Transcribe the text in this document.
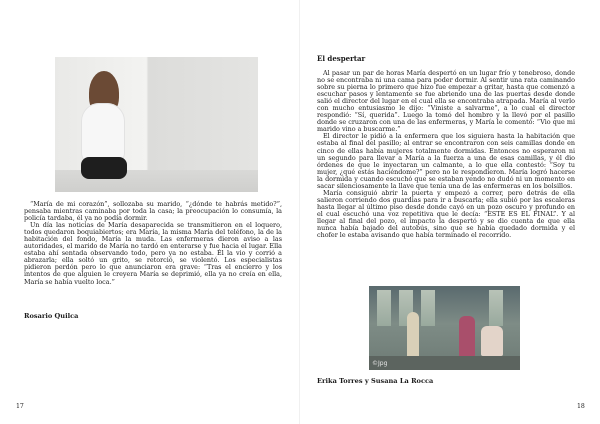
“María de mi corazón”, sollozaba su marido, “¿dónde te habrás metido?”, pensaba mientras caminaba por toda la casa; la preocupación lo consumía, la policía tardaba, él ya no podía dormir.

Un día las noticias de María desaparecida se transmitieron en el loquero, todos quedaron boquiabiertos; era María, la misma María del teléfono, la de la habitación del fondo, María la muda. Las enfermeras dieron aviso a las autoridades, el marido de María no tardó en enterarse y fue hacia el lugar. Ella estaba ahí sentada observando todo, pero ya no estaba. Él la vio y corrió a abrazarla; ella soltó un grito, se retorció, se violentó. Los especialistas pidieron perdón pero lo que anunciaron era grave: “Tras el encierro y los intentos de que alguien le creyera María se deprimió, ella ya no creía en ella, María se había vuelto loca.”

Rosario Quilca

17
El despertar

Al pasar un par de horas María despertó en un lugar frío y tenebroso, donde no se encontraba ni una cama para poder dormir. Al sentir una rata caminando sobre su pierna lo primero que hizo fue empezar a gritar, hasta que comenzó a escuchar pasos y lentamente se fue abriendo una de las puertas desde donde salió el director del lugar en el cual ella se encontraba atrapada. María al verlo con mucho entusiasmo le dijo: “Viniste a salvarme”, a lo cual el director respondió: “Sí, querida”. Luego la tomó del hombro y la llevó por el pasillo donde se cruzaron con una de las enfermeras, y María le comentó: “Vio que mi marido vino a buscarme.”

El director le pidió a la enfermera que los siguiera hasta la habitación que estaba al final del pasillo; al entrar se encontraron con seis camillas donde en cinco de ellas había mujeres totalmente dormidas. Entonces no esperaron ni un segundo para llevar a María a la fuerza a una de esas camillas, y él dio órdenes de que le inyectaran un calmante, a lo que ella contestó: “Soy tu mujer, ¿qué estás haciéndome?” pero no le respondieron. María logró hacerse la dormida y cuando escuchó que se estaban yendo no dudó ni un momento en sacar silenciosamente la llave que tenía una de las enfermeras en los bolsillos.

María consiguió abrir la puerta y empezó a correr, pero detrás de ella salieron corriendo dos guardias para ir a buscarla; ella subió por las escaleras hasta llegar al último piso desde donde cayó en un pozo oscuro y profundo en el cual escuchó una voz repetitiva que le decía: “ESTE ES EL FINAL”. Y al llegar al final del pozo, el impacto la despertó y se dio cuenta de que ella nunca había bajado del autobús, sino que se había quedado dormida y el chofer le estaba avisando que había terminado el recorrido.

©Jpg

Erika Torres y Susana La Rocca

18
